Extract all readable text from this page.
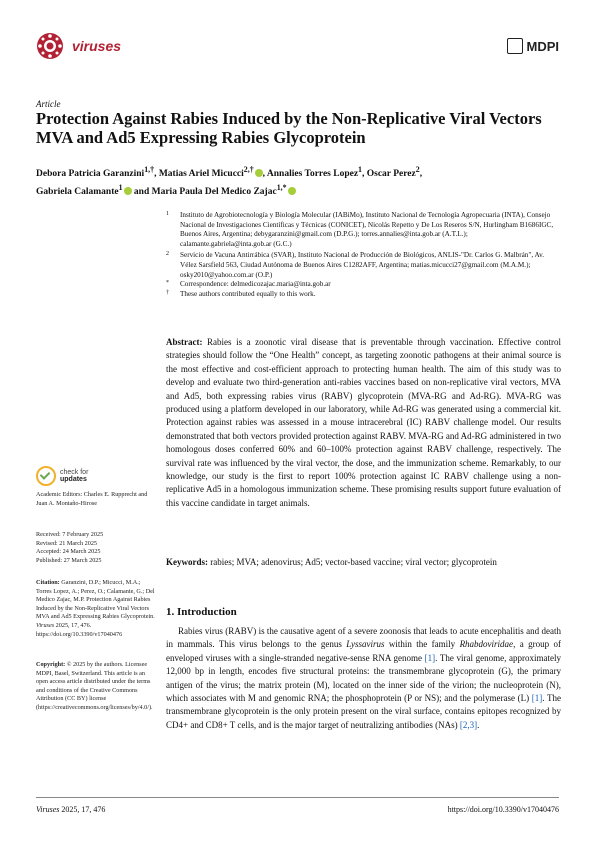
viruses	MDPI
Article
Protection Against Rabies Induced by the Non-Replicative Viral Vectors MVA and Ad5 Expressing Rabies Glycoprotein
Debora Patricia Garanzini$^{1,\dagger}$, Matias Ariel Micucci$^{2,\dagger}$ , Annalies Torres Lopez$^1$, Oscar Perez$^2$,
Gabriela Calamante$^1$ and Maria Paula Del Medico Zajac$^{1,*}$

1 Instituto de Agrobiotecnología y Biología Molecular (IABiMo), Instituto Nacional de Tecnología Agropecuaria (INTA), Consejo Nacional de Investigaciones Científicas y Técnicas (CONICET), Nicolás Repetto y De Los Reseros S/N, Hurlingham B1686IGC, Buenos Aires, Argentina; debygaranzini@gmail.com (D.P.G.); torres.annalies@inta.gob.ar (A.T.L.); calamante.gabriela@inta.gob.ar (G.C.)

2 Servicio de Vacuna Antirrábica (SVAR), Instituto Nacional de Producción de Biológicos, ANLIS-"Dr. Carlos G. Malbrán", Av. Vélez Sarsfield 563, Ciudad Autónoma de Buenos Aires C1282AFF, Argentina; matias.micucci27@gmail.com (M.A.M.); osky2010@yahoo.com.ar (O.P.)

* Correspondence: delmedicozajac.maria@inta.gob.ar

† These authors contributed equally to this work.

Abstract: Rabies is a zoonotic viral disease that is preventable through vaccination. Effective control strategies should follow the “One Health” concept, as targeting zoonotic pathogens at their animal source is the most effective and cost-efficient approach to protecting human health. The aim of this study was to develop and evaluate two third-generation anti-rabies vaccines based on non-replicative viral vectors, MVA and Ad5, both expressing rabies virus (RABV) glycoprotein (MVA-RG and Ad-RG). MVA-RG was produced using a platform developed in our laboratory, while Ad-RG was generated using a commercial kit. Protection against rabies was assessed in a mouse intracerebral (IC) RABV challenge model. Our results demonstrated that both vectors provided protection against RABV. MVA-RG and Ad-RG administered in two homologous doses conferred 60% and 60–100% protection against RABV challenge, respectively. The survival rate was influenced by the viral vector, the dose, and the immunization scheme. Remarkably, to our knowledge, our study is the first to report 100% protection against IC RABV challenge using a non-replicative Ad5 in a homologous immunization scheme. These promising results support future evaluation of this vaccine candidate in target animals.
Keywords: rabies; MVA; adenovirus; Ad5; vector-based vaccine; viral vector; glycoprotein
1. Introduction
Rabies virus (RABV) is the causative agent of a severe zoonosis that leads to acute encephalitis and death in mammals. This virus belongs to the genus Lyssavirus within the family Rhabdoviridae, a group of enveloped viruses with a single-stranded negative-sense RNA genome [1]. The viral genome, approximately 12,000 bp in length, encodes five structural proteins: the transmembrane glycoprotein (G), the primary antigen of the virus; the matrix protein (M), located on the inner side of the virion; the nucleoprotein (N), which associates with M and genomic RNA; the phosphoprotein (P or NS); and the polymerase (L) [1]. The transmembrane glycoprotein is the only protein present on the viral surface, contains epitopes recognized by CD4+ and CD8+ T cells, and is the major target of neutralizing antibodies (NAs) [2,3].
check for
updates

Academic Editors: Charles E. Rupprecht and Juan A. Montaño-Hirose

Received: 7 February 2025

Revised: 21 March 2025

Accepted: 24 March 2025

Published: 27 March 2025

Citation: Garanzini, D.P.; Micucci, M.A.; Torres Lopez, A.; Perez, O.; Calamante, G.; Del Medico Zajac, M.P. Protection Against Rabies Induced by the Non-Replicative Viral Vectors MVA and Ad5 Expressing Rabies Glycoprotein. Viruses 2025, 17, 476. https://doi.org/10.3390/v17040476

Copyright: © 2025 by the authors. Licensee MDPI, Basel, Switzerland. This article is an open access article distributed under the terms and conditions of the Creative Commons Attribution (CC BY) license (https://creativecommons.org/licenses/by/4.0/).

Viruses 2025, 17, 476	https://doi.org/10.3390/v17040476
